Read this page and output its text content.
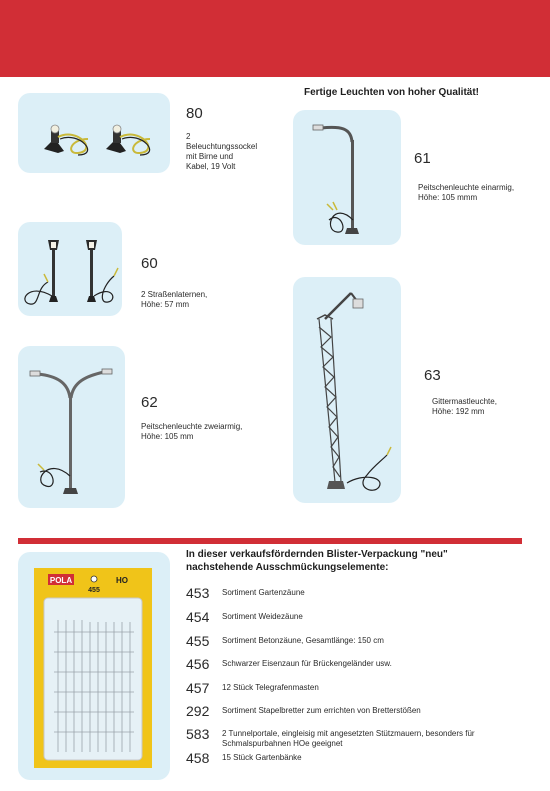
Fertige Leuchten von hoher Qualität!
80
2
Beleuchtungssockel
mit Birne und
Kabel, 19 Volt	61
Peitschenleuchte einarmig,
Höhe: 105 mmm
60
2 Straßenlaternen,
Höhe: 57 mm
62
Peitschenleuchte zweiarmig,
Höhe: 105 mm
63
Gittermastleuchte,
Höhe: 192 mm
In dieser verkaufsfördernden Blister-Verpackung "neu"
nachstehende Ausschmückungselemente:
POLA	HO
455	453 Sortiment Gartenzäune
454 Sortiment Weidezäune
455 Sortiment Betonzäune, Gesamtlänge: 150 cm
456 Schwarzer Eisenzaun für Brückengeländer usw.
457 12 Stück Telegrafenmasten
292 Sortiment Stapelbretter zum errichten von Bretterstößen
583 2 Tunnelportale, eingleisig mit angesetzten Stützmauern, besonders für Schmalspurbahnen HOe geeignet
458 15 Stück Gartenbänke
